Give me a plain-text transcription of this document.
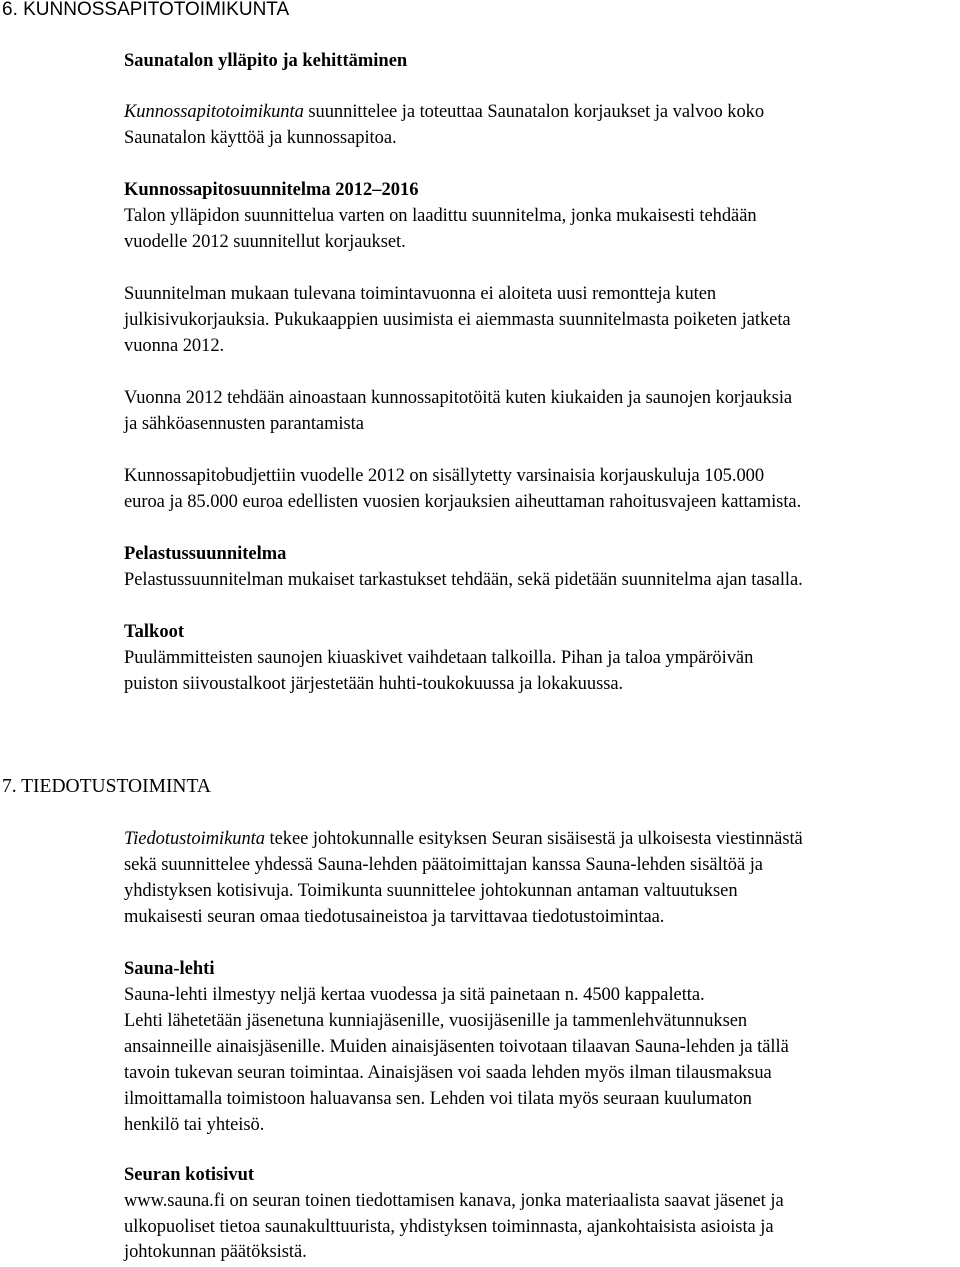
6. KUNNOSSAPITOTOIMIKUNTA
Saunatalon ylläpito ja kehittäminen
Kunnossapitotoimikunta suunnittelee ja toteuttaa Saunatalon korjaukset ja valvoo koko
Saunatalon käyttöä ja kunnossapitoa.
Kunnossapitosuunnitelma 2012–2016
Talon ylläpidon suunnittelua varten on laadittu suunnitelma, jonka mukaisesti tehdään
vuodelle 2012 suunnitellut korjaukset.
Suunnitelman mukaan tulevana toimintavuonna ei aloiteta uusi remontteja kuten
julkisivukorjauksia. Pukukaappien uusimista ei aiemmasta suunnitelmasta poiketen jatketa
vuonna 2012.
Vuonna 2012 tehdään ainoastaan kunnossapitotöitä kuten kiukaiden ja saunojen korjauksia
ja sähköasennusten parantamista
Kunnossapitobudjettiin vuodelle 2012 on sisällytetty varsinaisia korjauskuluja 105.000
euroa ja 85.000 euroa edellisten vuosien korjauksien aiheuttaman rahoitusvajeen kattamista.
Pelastussuunnitelma
Pelastussuunnitelman mukaiset tarkastukset tehdään, sekä pidetään suunnitelma ajan tasalla.
Talkoot
Puulämmitteisten saunojen kiuaskivet vaihdetaan talkoilla. Pihan ja taloa ympäröivän
puiston siivoustalkoot järjestetään huhti-toukokuussa ja lokakuussa.
7. TIEDOTUSTOIMINTA
Tiedotustoimikunta tekee johtokunnalle esityksen Seuran sisäisestä ja ulkoisesta viestinnästä
sekä suunnittelee yhdessä Sauna-lehden päätoimittajan kanssa Sauna-lehden sisältöä ja
yhdistyksen kotisivuja. Toimikunta suunnittelee johtokunnan antaman valtuutuksen
mukaisesti seuran omaa tiedotusaineistoa ja tarvittavaa tiedotustoimintaa.
Sauna-lehti
Sauna-lehti ilmestyy neljä kertaa vuodessa ja sitä painetaan n. 4500 kappaletta.
Lehti lähetetään jäsenetuna kunniajäsenille, vuosijäsenille ja tammenlehvätunnuksen
ansainneille ainaisjäsenille. Muiden ainaisjäsenten toivotaan tilaavan Sauna-lehden ja tällä
tavoin tukevan seuran toimintaa. Ainaisjäsen voi saada lehden myös ilman tilausmaksua
ilmoittamalla toimistoon haluavansa sen. Lehden voi tilata myös seuraan kuulumaton
henkilö tai yhteisö.
Seuran kotisivut
www.sauna.fi on seuran toinen tiedottamisen kanava, jonka materiaalista saavat jäsenet ja
ulkopuoliset tietoa saunakulttuurista, yhdistyksen toiminnasta, ajankohtaisista asioista ja
johtokunnan päätöksistä.
